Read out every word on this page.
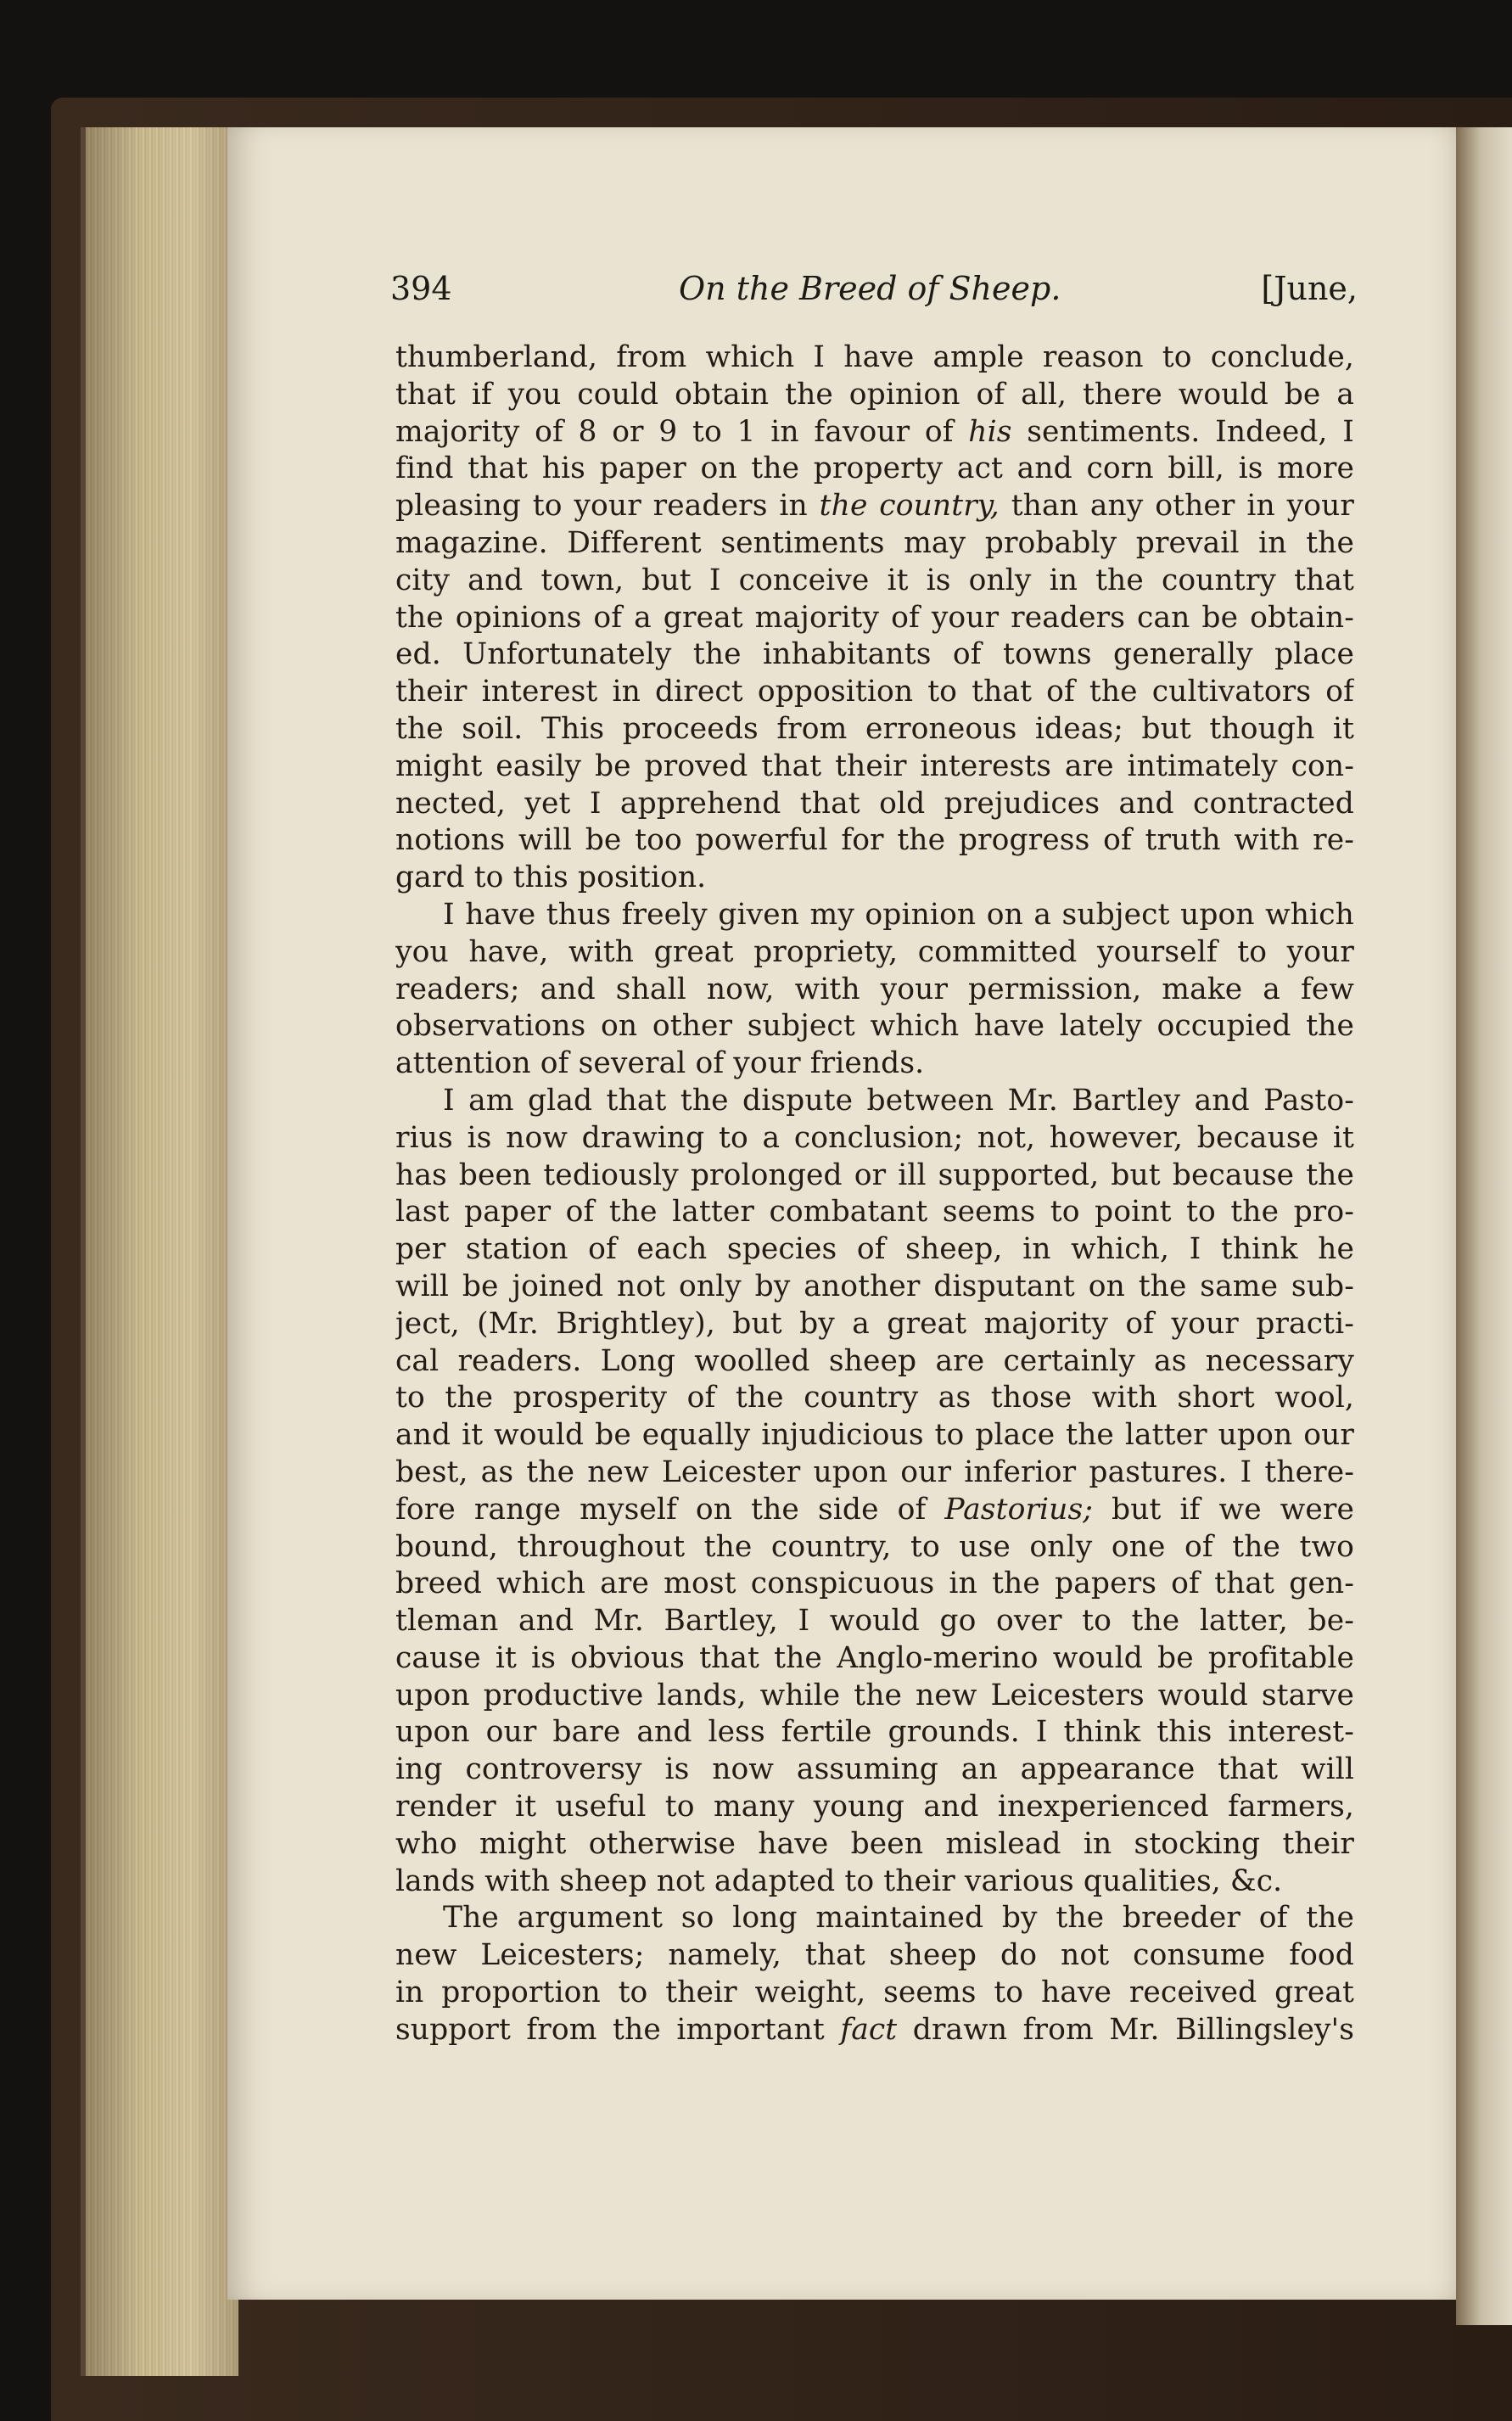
394	On the Breed of Sheep.	[June,
thumberland, from which I have ample reason to conclude,
that if you could obtain the opinion of all, there would be a
majority of 8 or 9 to 1 in favour of his sentiments. Indeed, I
find that his paper on the property act and corn bill, is more
pleasing to your readers in the country, than any other in your
magazine. Different sentiments may probably prevail in the
city and town, but I conceive it is only in the country that
the opinions of a great majority of your readers can be obtain-
ed. Unfortunately the inhabitants of towns generally place
their interest in direct opposition to that of the cultivators of
the soil. This proceeds from erroneous ideas; but though it
might easily be proved that their interests are intimately con-
nected, yet I apprehend that old prejudices and contracted
notions will be too powerful for the progress of truth with re-
gard to this position.
I have thus freely given my opinion on a subject upon which
you have, with great propriety, committed yourself to your
readers; and shall now, with your permission, make a few
observations on other subject which have lately occupied the
attention of several of your friends.
I am glad that the dispute between Mr. Bartley and Pasto-
rius is now drawing to a conclusion; not, however, because it
has been tediously prolonged or ill supported, but because the
last paper of the latter combatant seems to point to the pro-
per station of each species of sheep, in which, I think he
will be joined not only by another disputant on the same sub-
ject, (Mr. Brightley), but by a great majority of your practi-
cal readers. Long woolled sheep are certainly as necessary
to the prosperity of the country as those with short wool,
and it would be equally injudicious to place the latter upon our
best, as the new Leicester upon our inferior pastures. I there-
fore range myself on the side of Pastorius; but if we were
bound, throughout the country, to use only one of the two
breed which are most conspicuous in the papers of that gen-
tleman and Mr. Bartley, I would go over to the latter, be-
cause it is obvious that the Anglo-merino would be profitable
upon productive lands, while the new Leicesters would starve
upon our bare and less fertile grounds. I think this interest-
ing controversy is now assuming an appearance that will
render it useful to many young and inexperienced farmers,
who might otherwise have been mislead in stocking their
lands with sheep not adapted to their various qualities, &c.
The argument so long maintained by the breeder of the
new Leicesters; namely, that sheep do not consume food
in proportion to their weight, seems to have received great
support from the important fact drawn from Mr. Billingsley's
